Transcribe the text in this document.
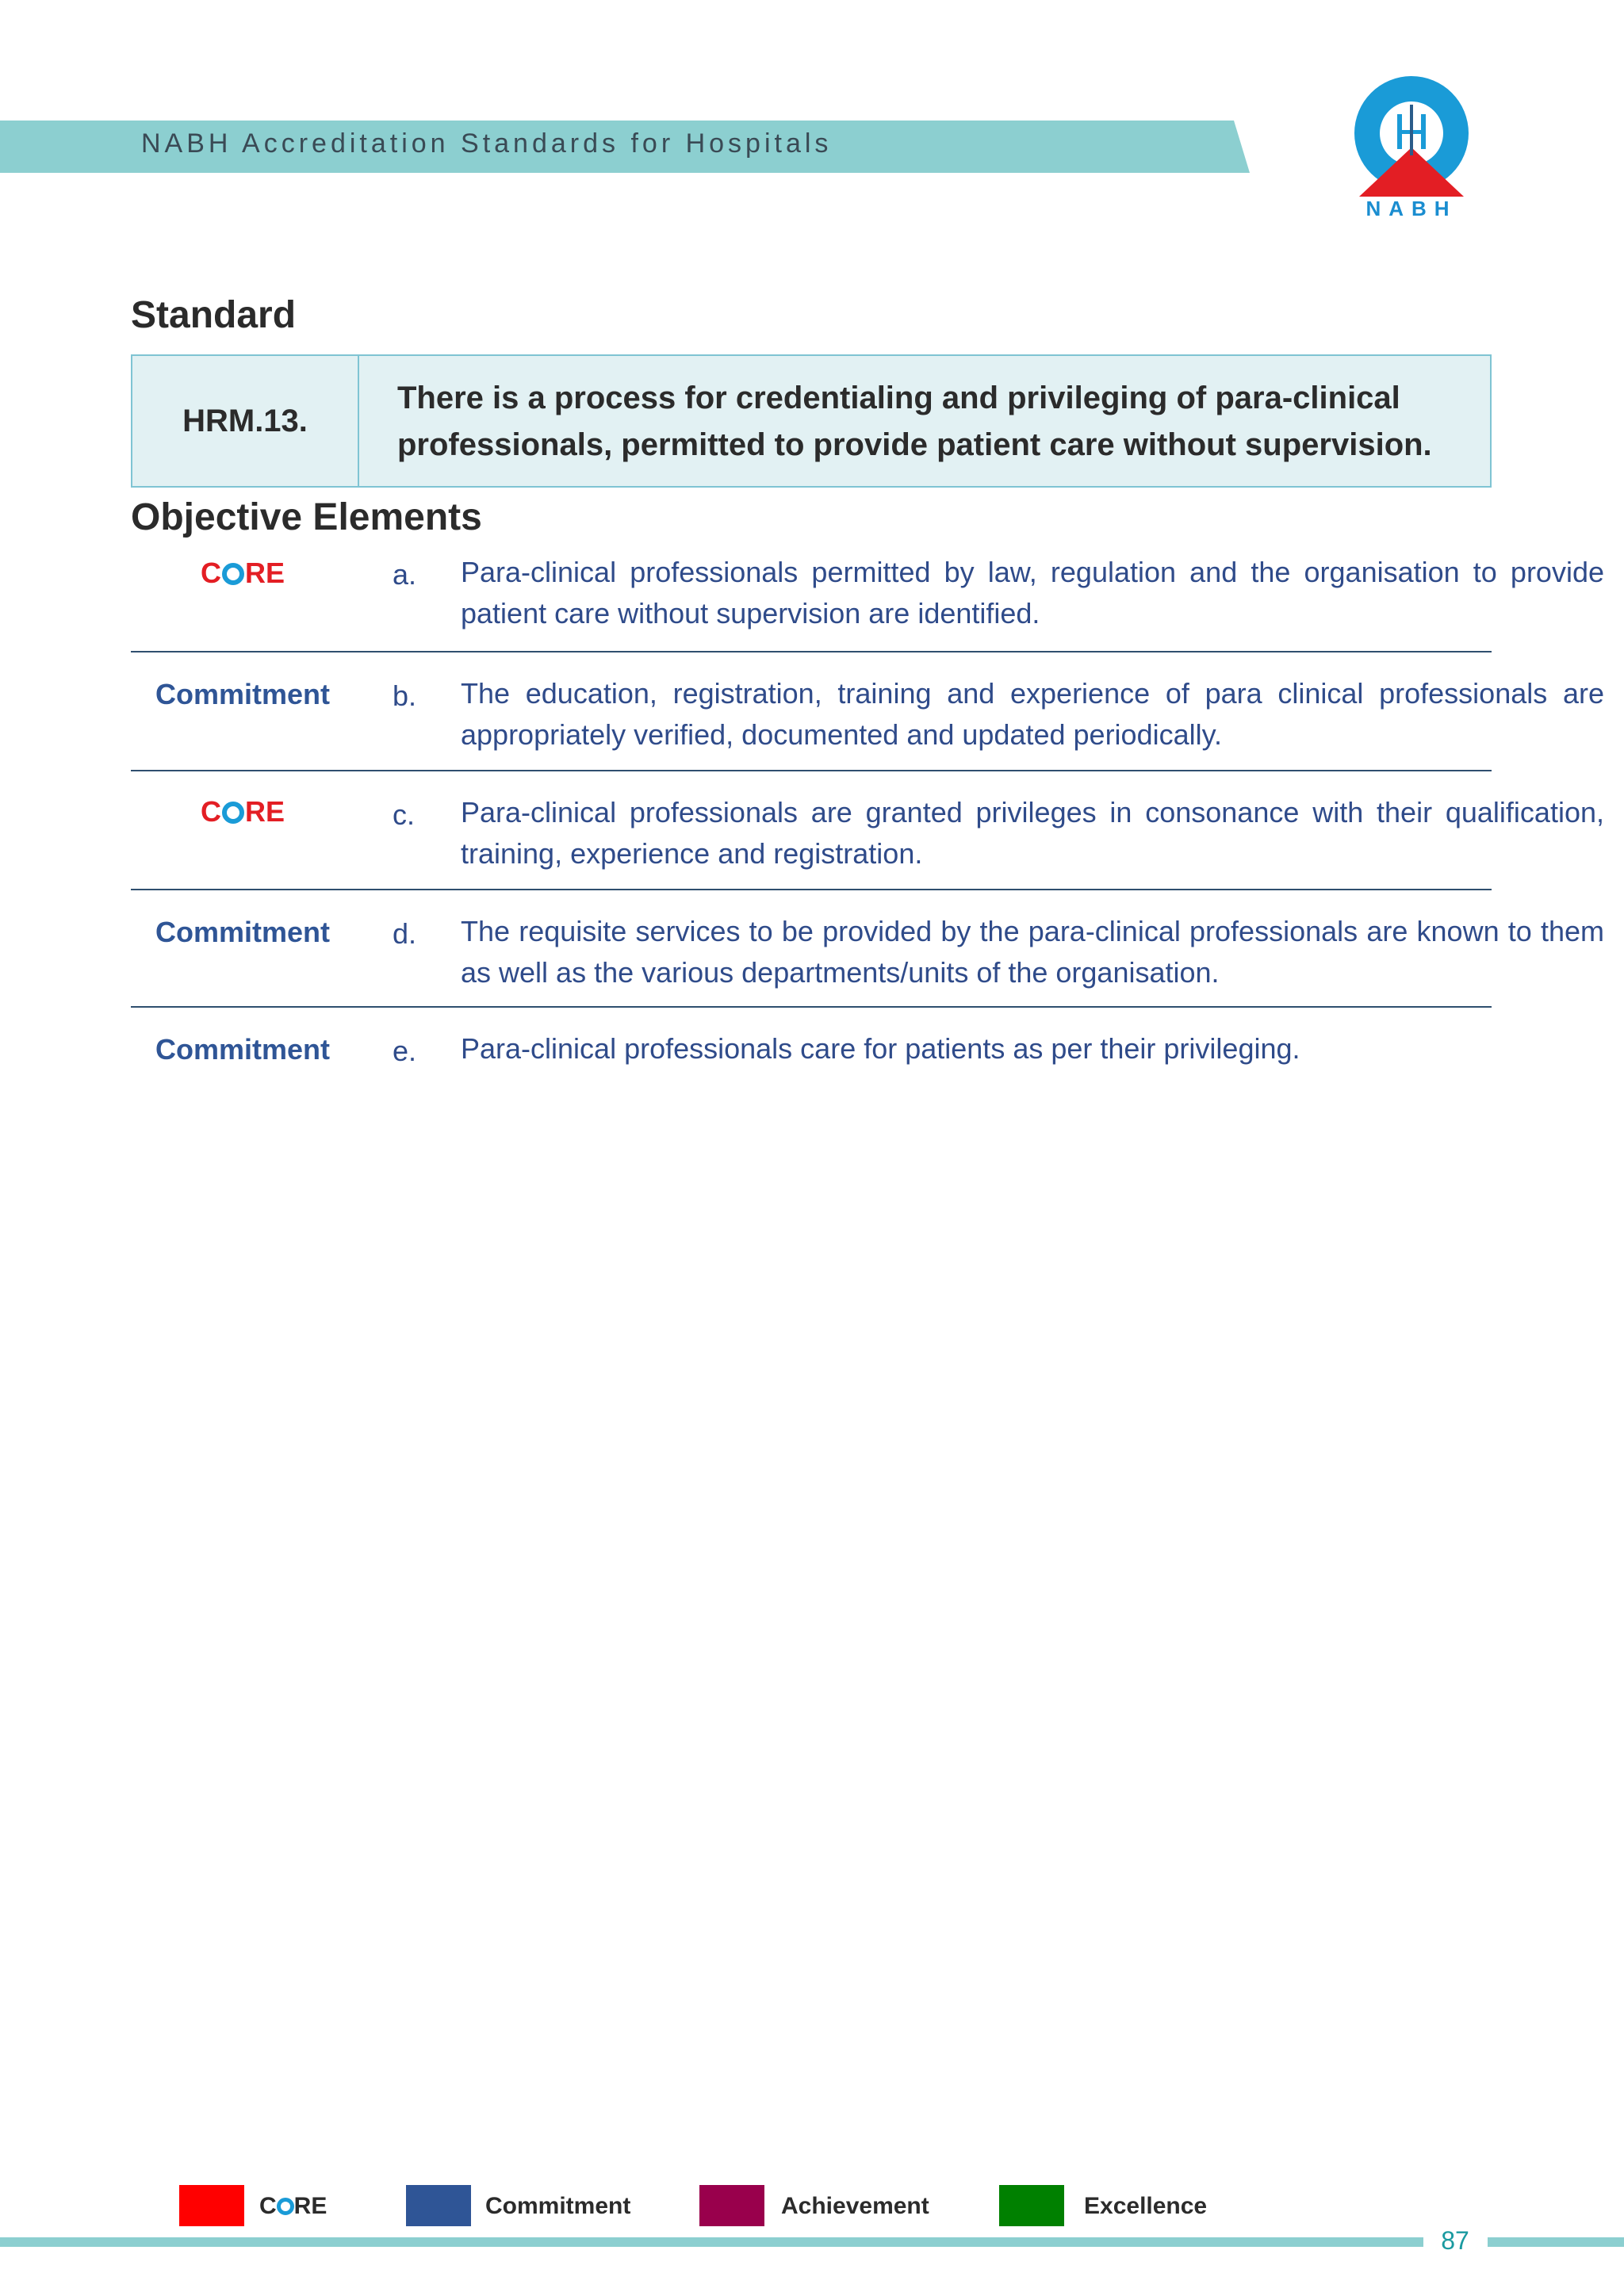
NABH Accreditation Standards for Hospitals
NABH
Standard
HRM.13.
There is a process for credentialing and privileging of para-clinical professionals, permitted to provide patient care without supervision.
Objective Elements
C RE	a. Para-clinical professionals permitted by law, regulation and the organisation to provide patient care without supervision are identified.
Commitment	b. The education, registration, training and experience of para clinical professionals are appropriately verified, documented and updated periodically.
C RE	c. Para-clinical professionals are granted privileges in consonance with their qualification, training, experience and registration.
Commitment	d. The requisite services to be provided by the para-clinical professionals are known to them as well as the various departments/units of the organisation.
Commitment	e. Para-clinical professionals care for patients as per their privileging.
C RE	Commitment	Achievement	Excellence
87
